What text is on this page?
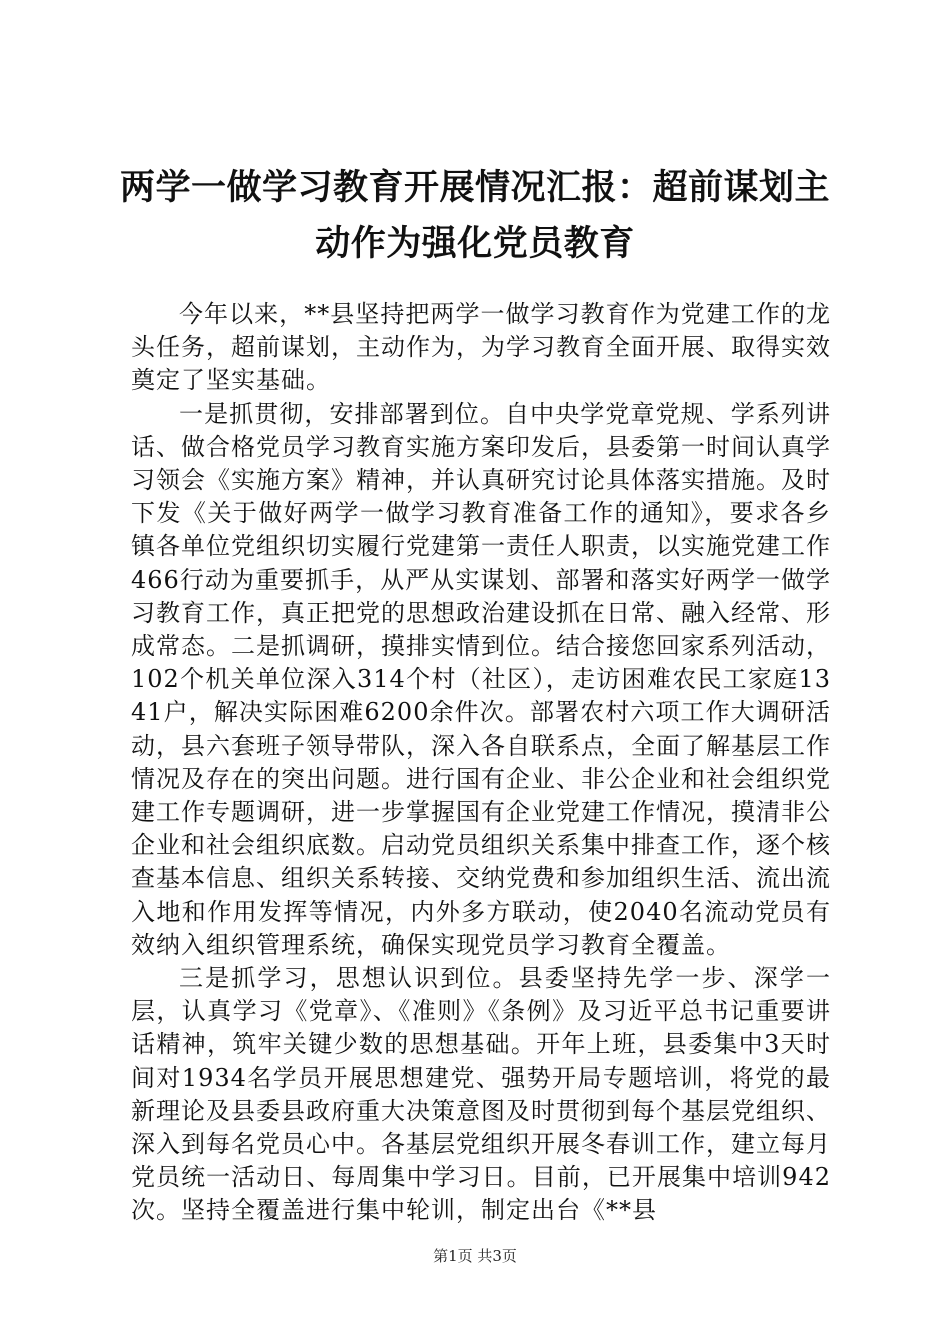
两学一做学习教育开展情况汇报：超前谋划主
动作为强化党员教育

今年以来，**县坚持把两学一做学习教育作为党建工作的龙头任务，超前谋划，主动作为，为学习教育全面开展、取得实效奠定了坚实基础。

一是抓贯彻，安排部署到位。自中央学党章党规、学系列讲话、做合格党员学习教育实施方案印发后，县委第一时间认真学习领会《实施方案》精神，并认真研究讨论具体落实措施。及时下发《关于做好两学一做学习教育准备工作的通知》，要求各乡镇各单位党组织切实履行党建第一责任人职责，以实施党建工作466行动为重要抓手，从严从实谋划、部署和落实好两学一做学习教育工作，真正把党的思想政治建设抓在日常、融入经常、形成常态。二是抓调研，摸排实情到位。结合接您回家系列活动，102个机关单位深入314个村（社区），走访困难农民工家庭1341户，解决实际困难6200余件次。部署农村六项工作大调研活动，县六套班子领导带队，深入各自联系点，全面了解基层工作情况及存在的突出问题。进行国有企业、非公企业和社会组织党建工作专题调研，进一步掌握国有企业党建工作情况，摸清非公企业和社会组织底数。启动党员组织关系集中排查工作，逐个核查基本信息、组织关系转接、交纳党费和参加组织生活、流出流入地和作用发挥等情况，内外多方联动，使2040名流动党员有效纳入组织管理系统，确保实现党员学习教育全覆盖。

三是抓学习，思想认识到位。县委坚持先学一步、深学一层，认真学习《党章》、《准则》《条例》及习近平总书记重要讲话精神，筑牢关键少数的思想基础。开年上班，县委集中3天时间对1934名学员开展思想建党、强势开局专题培训，将党的最新理论及县委县政府重大决策意图及时贯彻到每个基层党组织、深入到每名党员心中。各基层党组织开展冬春训工作，建立每月党员统一活动日、每周集中学习日。目前，已开展集中培训942次。坚持全覆盖进行集中轮训，制定出台《**县

第1页 共3页
